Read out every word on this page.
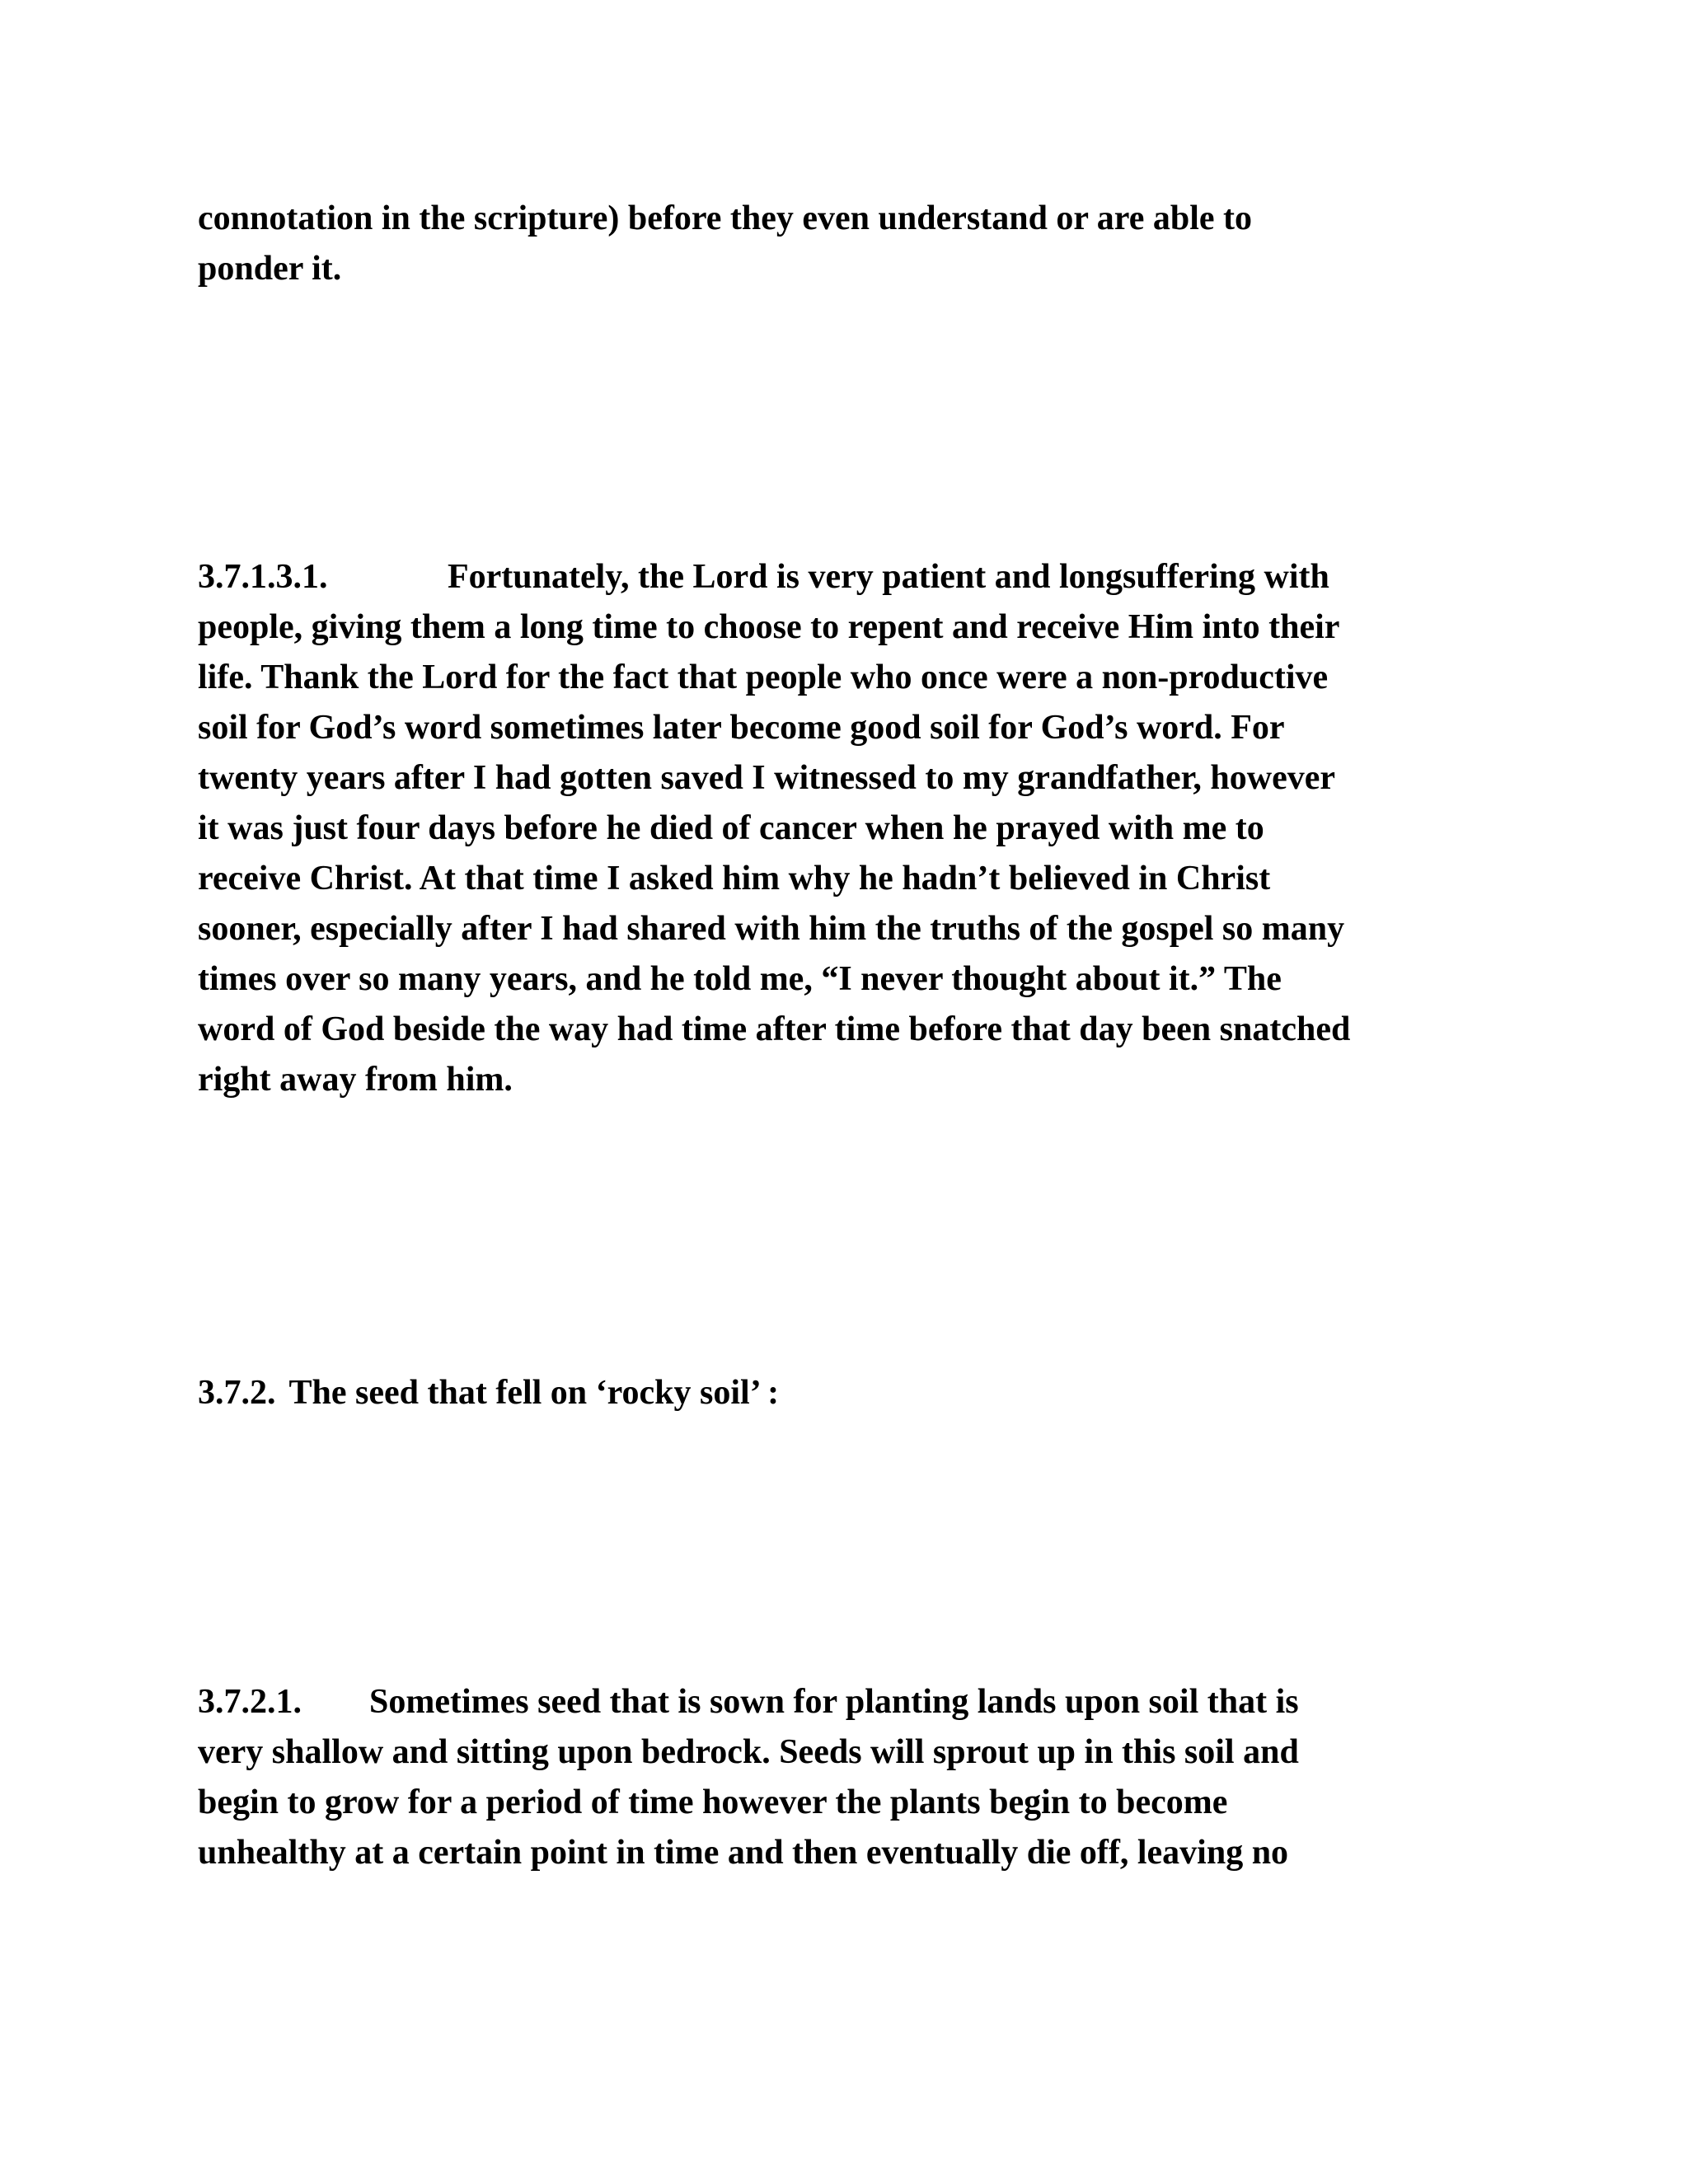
connotation in the scripture) before they even understand or are able to
ponder it.

3.7.1.3.1.	Fortunately, the Lord is very patient and longsuffering with
people, giving them a long time to choose to repent and receive Him into their
life. Thank the Lord for the fact that people who once were a non-productive
soil for God’s word sometimes later become good soil for God’s word. For
twenty years after I had gotten saved I witnessed to my grandfather, however
it was just four days before he died of cancer when he prayed with me to
receive Christ. At that time I asked him why he hadn’t believed in Christ
sooner, especially after I had shared with him the truths of the gospel so many
times over so many years, and he told me, “I never thought about it.” The
word of God beside the way had time after time before that day been snatched
right away from him.

3.7.2. The seed that fell on ‘rocky soil’ :

3.7.2.1. Sometimes seed that is sown for planting lands upon soil that is
very shallow and sitting upon bedrock. Seeds will sprout up in this soil and
begin to grow for a period of time however the plants begin to become
unhealthy at a certain point in time and then eventually die off, leaving no
